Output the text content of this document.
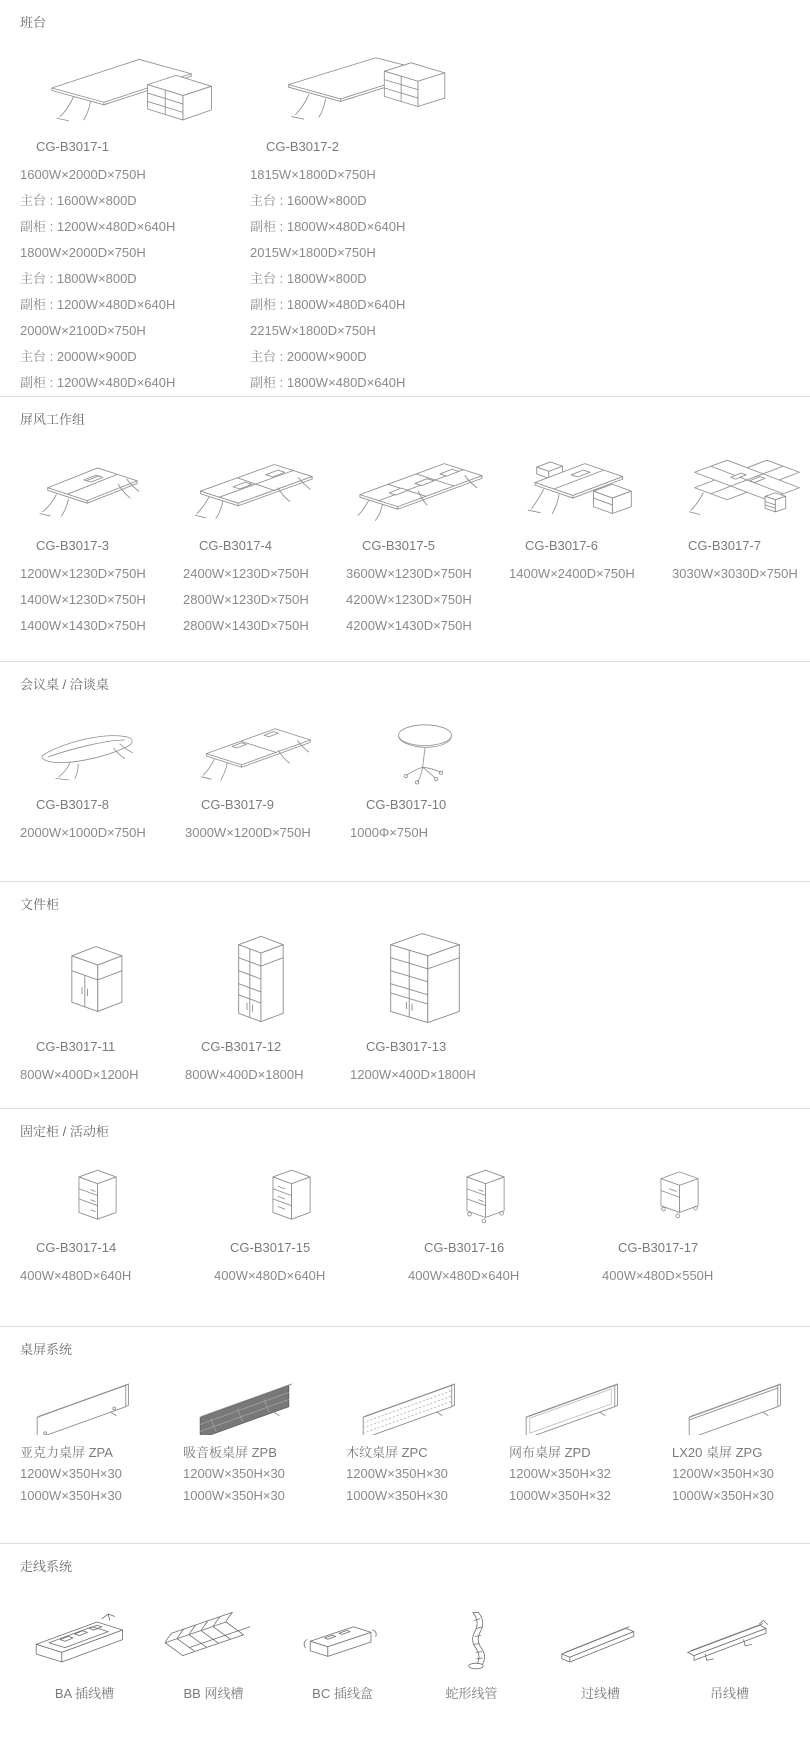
班台
CG-B3017-1
1600W×2000D×750H
主台 : 1600W×800D
副柜 : 1200W×480D×640H
1800W×2000D×750H
主台 : 1800W×800D
副柜 : 1200W×480D×640H
2000W×2100D×750H
主台 : 2000W×900D
副柜 : 1200W×480D×640H
CG-B3017-2
1815W×1800D×750H
主台 : 1600W×800D
副柜 : 1800W×480D×640H
2015W×1800D×750H
主台 : 1800W×800D
副柜 : 1800W×480D×640H
2215W×1800D×750H
主台 : 2000W×900D
副柜 : 1800W×480D×640H
屏风工作组
CG-B3017-3
1200W×1230D×750H
1400W×1230D×750H
1400W×1430D×750H
CG-B3017-4
2400W×1230D×750H
2800W×1230D×750H
2800W×1430D×750H
CG-B3017-5
3600W×1230D×750H
4200W×1230D×750H
4200W×1430D×750H
CG-B3017-6
1400W×2400D×750H
CG-B3017-7
3030W×3030D×750H
会议桌 / 洽谈桌
CG-B3017-8
2000W×1000D×750H
CG-B3017-9
3000W×1200D×750H
CG-B3017-10
1000Φ×750H
文件柜
CG-B3017-11
800W×400D×1200H
CG-B3017-12
800W×400D×1800H
CG-B3017-13
1200W×400D×1800H
固定柜 / 活动柜
CG-B3017-14
400W×480D×640H
CG-B3017-15
400W×480D×640H
CG-B3017-16
400W×480D×640H
CG-B3017-17
400W×480D×550H
桌屏系统
亚克力桌屏 ZPA
1200W×350H×30
1000W×350H×30
吸音板桌屏 ZPB
1200W×350H×30
1000W×350H×30
木纹桌屏 ZPC
1200W×350H×30
1000W×350H×30
网布桌屏 ZPD
1200W×350H×32
1000W×350H×32
LX20 桌屏 ZPG
1200W×350H×30
1000W×350H×30
走线系统
BA 插线槽	BB 网线槽	BC 插线盒	蛇形线管	过线槽	吊线槽
